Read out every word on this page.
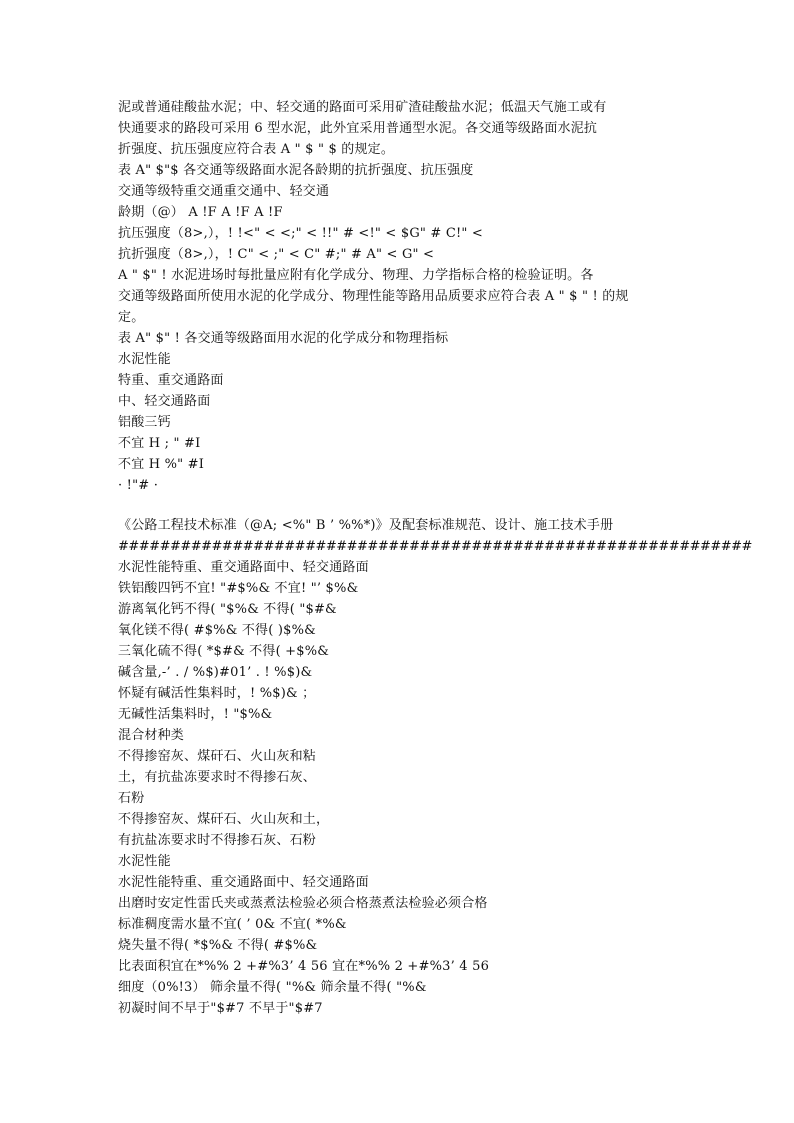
泥或普通硅酸盐水泥；中、轻交通的路面可采用矿渣硅酸盐水泥；低温天气施工或有
快通要求的路段可采用 6 型水泥，此外宜采用普通型水泥。各交通等级路面水泥抗
折强度、抗压强度应符合表 A " $ " $ 的规定。
表 A" $"$ 各交通等级路面水泥各龄期的抗折强度、抗压强度
交通等级特重交通重交通中、轻交通
龄期（@） A !F A !F A !F
抗压强度（8>,），! !<" < <;" < !!" # <!" < $G" # C!" <
抗折强度（8>,），! C" < ;" < C" #;" # A" < G" <
A " $" ! 水泥进场时每批量应附有化学成分、物理、力学指标合格的检验证明。各
交通等级路面所使用水泥的化学成分、物理性能等路用品质要求应符合表 A " $ " ! 的规
定。
表 A" $" ! 各交通等级路面用水泥的化学成分和物理指标
水泥性能
特重、重交通路面
中、轻交通路面
铝酸三钙
不宜 H ; " #I
不宜 H %" #I
· !"# ·
《公路工程技术标准（@A; <%" B ’ %%*)》及配套标准规范、设计、施工技术手册
#############################################################
水泥性能特重、重交通路面中、轻交通路面
铁铝酸四钙不宜! "#$%& 不宜! "’ $%&
游离氧化钙不得( "$%& 不得( "$#&
氧化镁不得( #$%& 不得( )$%&
三氧化硫不得( *$#& 不得( +$%&
碱含量,-’ . / %$)#01’ . ! %$)&
怀疑有碱活性集料时，! %$)& ；
无碱性活集料时，! "$%&
混合材种类
不得掺窑灰、煤矸石、火山灰和粘
土，有抗盐冻要求时不得掺石灰、
石粉
不得掺窑灰、煤矸石、火山灰和土，
有抗盐冻要求时不得掺石灰、石粉
水泥性能
水泥性能特重、重交通路面中、轻交通路面
出磨时安定性雷氏夹或蒸煮法检验必须合格蒸煮法检验必须合格
标准稠度需水量不宜( ’ 0& 不宜( *%&
烧失量不得( *$%& 不得( #$%&
比表面积宜在*%% 2 +#%3’ 4 56 宜在*%% 2 +#%3’ 4 56
细度（0%!3） 筛余量不得( "%& 筛余量不得( "%&
初凝时间不早于"$#7 不早于"$#7
